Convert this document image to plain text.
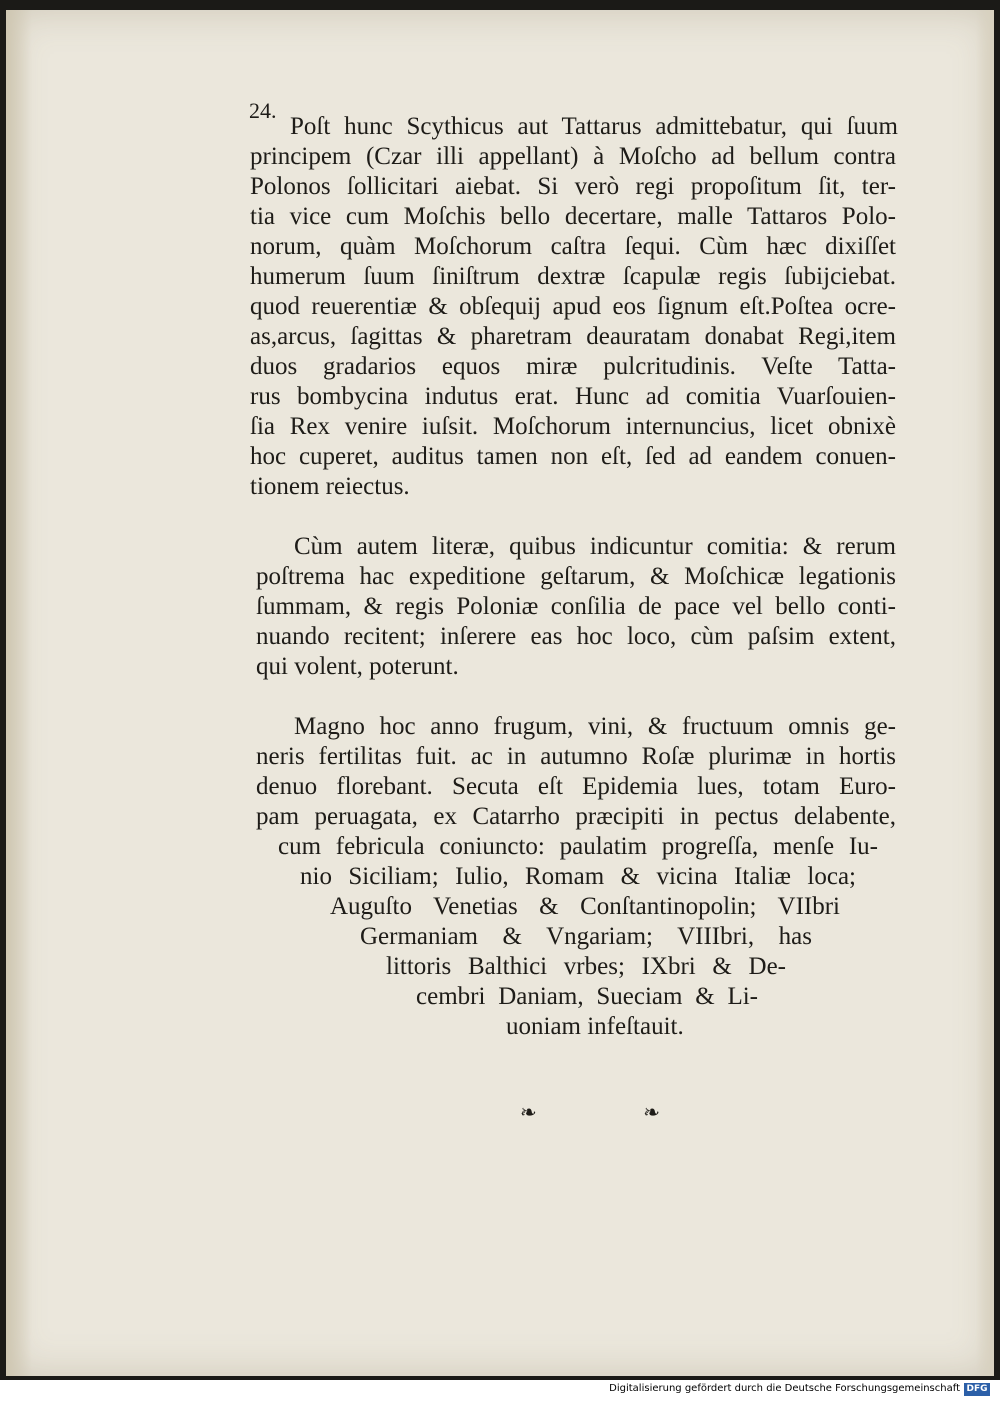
24.
Poſt hunc Scythicus aut Tattarus admittebatur, qui ſuum
principem (Czar illi appellant) à Moſcho ad bellum contra
Polonos ſollicitari aiebat. Si verò regi propoſitum ſit, ter-
tia vice cum Moſchis bello decertare, malle Tattaros Polo-
norum, quàm Moſchorum caſtra ſequi. Cùm hæc dixiſſet
humerum ſuum ſiniſtrum dextræ ſcapulæ regis ſubijciebat.
quod reuerentiæ & obſequij apud eos ſignum eſt.Poſtea ocre-
as,arcus, ſagittas & pharetram deauratam donabat Regi,item
duos gradarios equos miræ pulcritudinis. Veſte Tatta-
rus bombycina indutus erat. Hunc ad comitia Vuarſouien-
ſia Rex venire iuſsit. Moſchorum internuncius, licet obnixè
hoc cuperet, auditus tamen non eſt, ſed ad eandem conuen-
tionem reiectus.
Cùm autem literæ, quibus indicuntur comitia: & rerum
poſtrema hac expeditione geſtarum, & Moſchicæ legationis
ſummam, & regis Poloniæ conſilia de pace vel bello conti-
nuando recitent; inſerere eas hoc loco, cùm paſsim extent,
qui volent, poterunt.
Magno hoc anno frugum, vini, & fructuum omnis ge-
neris fertilitas fuit. ac in autumno Roſæ plurimæ in hortis
denuo florebant. Secuta eſt Epidemia lues, totam Euro-
pam peruagata, ex Catarrho præcipiti in pectus delabente,
cum febricula coniuncto: paulatim progreſſa, menſe Iu-
nio Siciliam; Iulio, Romam & vicina Italiæ loca;
Auguſto Venetias & Conſtantinopolin; VIIbri
Germaniam & Vngariam; VIIIbri, has
littoris Balthici vrbes; IXbri & De-
cembri Daniam, Sueciam & Li-
uoniam infeſtauit.
❧	❧
Digitalisierung gefördert durch die Deutsche Forschungsgemeinschaft DFG
